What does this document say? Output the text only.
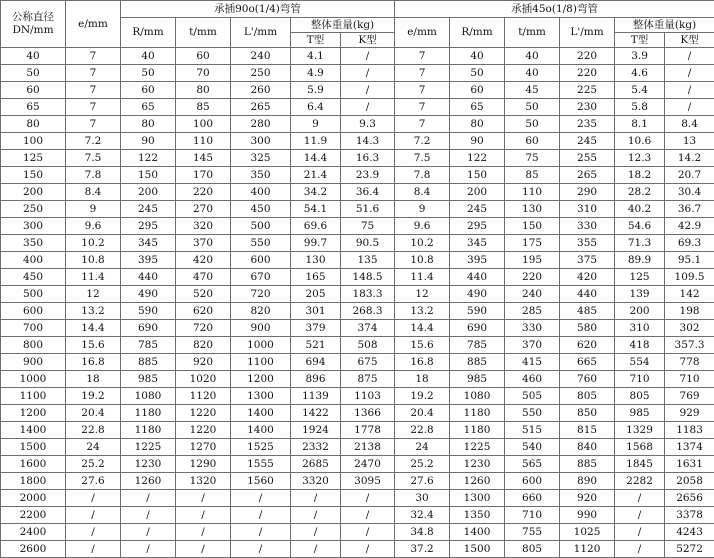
公称直径DN/mm	e/mm	承插90o(1/4)弯管					承插45o(1/8)弯管					
		R/mm	t/mm	L'/mm	整体重量(kg)		e/mm	R/mm	t/mm	L'/mm	整体重量(kg)	
					T型	K型					T型	K型
40	7	40	60	240	4.1	/	7	40	40	220	3.9	/
50	7	50	70	250	4.9	/	7	50	40	220	4.6	/
60	7	60	80	260	5.9	/	7	60	45	225	5.4	/
65	7	65	85	265	6.4	/	7	65	50	230	5.8	/
80	7	80	100	280	9	9.3	7	80	50	235	8.1	8.4
100	7.2	90	110	300	11.9	14.3	7.2	90	60	245	10.6	13
125	7.5	122	145	325	14.4	16.3	7.5	122	75	255	12.3	14.2
150	7.8	150	170	350	21.4	23.9	7.8	150	85	265	18.2	20.7
200	8.4	200	220	400	34.2	36.4	8.4	200	110	290	28.2	30.4
250	9	245	270	450	54.1	51.6	9	245	130	310	40.2	36.7
300	9.6	295	320	500	69.6	75	9.6	295	150	330	54.6	42.9
350	10.2	345	370	550	99.7	90.5	10.2	345	175	355	71.3	69.3
400	10.8	395	420	600	130	135	10.8	395	195	375	89.9	95.1
450	11.4	440	470	670	165	148.5	11.4	440	220	420	125	109.5
500	12	490	520	720	205	183.3	12	490	240	440	139	142
600	13.2	590	620	820	301	268.3	13.2	590	285	485	200	198
700	14.4	690	720	900	379	374	14.4	690	330	580	310	302
800	15.6	785	820	1000	521	508	15.6	785	370	620	418	357.3
900	16.8	885	920	1100	694	675	16.8	885	415	665	554	778
1000	18	985	1020	1200	896	875	18	985	460	760	710	710
1100	19.2	1080	1120	1300	1139	1103	19.2	1080	505	805	805	769
1200	20.4	1180	1220	1400	1422	1366	20.4	1180	550	850	985	929
1400	22.8	1180	1220	1400	1924	1778	22.8	1180	515	815	1329	1183
1500	24	1225	1270	1525	2332	2138	24	1225	540	840	1568	1374
1600	25.2	1230	1290	1555	2685	2470	25.2	1230	565	885	1845	1631
1800	27.6	1260	1320	1560	3320	3095	27.6	1260	600	890	2282	2058
2000	/	/	/	/	/	/	30	1300	660	920	/	2656
2200	/	/	/	/	/	/	32.4	1350	710	990	/	3378
2400	/	/	/	/	/	/	34.8	1400	755	1025	/	4243
2600	/	/	/	/	/	/	37.2	1500	805	1120	/	5272
